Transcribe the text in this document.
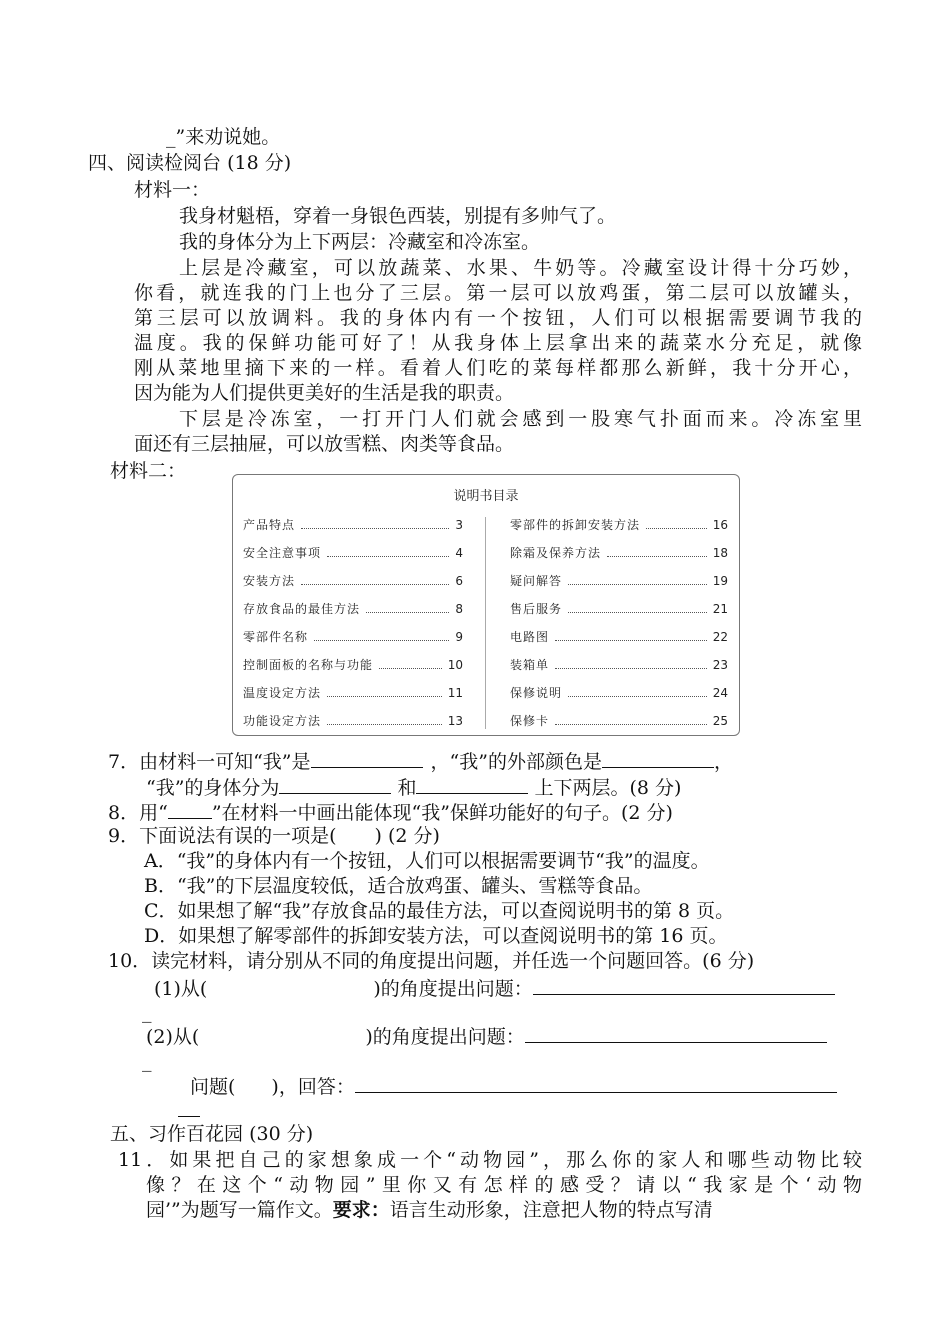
_”来劝说她。
四、阅读检阅台 (18 分)
材料一：
我身材魁梧，穿着一身银色西装，别提有多帅气了。
我的身体分为上下两层：冷藏室和冷冻室。
上层是冷藏室，可以放蔬菜、水果、牛奶等。冷藏室设计得十分巧妙，
你看，就连我的门上也分了三层。第一层可以放鸡蛋，第二层可以放罐头，
第三层可以放调料。我的身体内有一个按钮，人们可以根据需要调节我的
温度。我的保鲜功能可好了！从我身体上层拿出来的蔬菜水分充足，就像
刚从菜地里摘下来的一样。看着人们吃的菜每样都那么新鲜，我十分开心，
因为能为人们提供更美好的生活是我的职责。
下层是冷冻室，一打开门人们就会感到一股寒气扑面而来。冷冻室里
面还有三层抽屉，可以放雪糕、肉类等食品。
材料二：
说明书目录
产品特点	3
安全注意事项	4
安装方法	6
存放食品的最佳方法	8
零部件名称	9
控制面板的名称与功能	10
温度设定方法	11
功能设定方法	13
零部件的拆卸安装方法	16
除霜及保养方法	18
疑问解答	19
售后服务	21
电路图	22
装箱单	23
保修说明	24
保修卡	25
7．由材料一可知“我”是	，“我”的外部颜色是	，
“我”的身体分为	和	上下两层。(8 分)
8．用“ ”在材料一中画出能体现“我”保鲜功能好的句子。(2 分)
9．下面说法有误的一项是(　　) (2 分)
A．“我”的身体内有一个按钮，人们可以根据需要调节“我”的温度。
B．“我”的下层温度较低，适合放鸡蛋、罐头、雪糕等食品。
C．如果想了解“我”存放食品的最佳方法，可以查阅说明书的第 8 页。
D．如果想了解零部件的拆卸安装方法，可以查阅说明书的第 16 页。
10．读完材料，请分别从不同的角度提出问题，并任选一个问题回答。(6 分)
(1)从(	)的角度提出问题：
_
(2)从(	)的角度提出问题：
_
问题( )，回答：
五、习作百花园 (30 分)
11．如果把自己的家想象成一个“动物园”，那么你的家人和哪些动物比较
像？在这个“动物园”里你又有怎样的感受？请以“我家是个‘动物
园’”为题写一篇作文。要求：语言生动形象，注意把人物的特点写清
